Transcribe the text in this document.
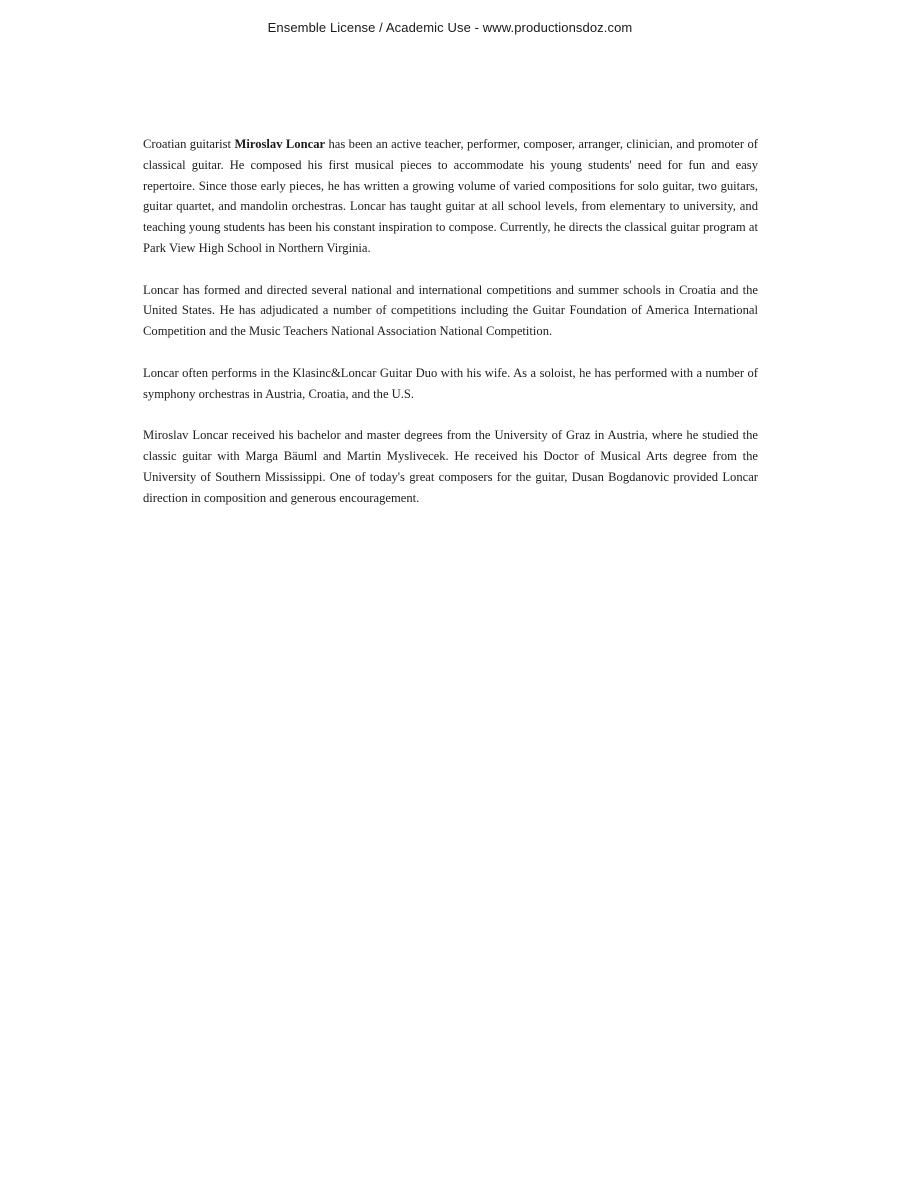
Ensemble License / Academic Use - www.productionsdoz.com

Croatian guitarist Miroslav Loncar has been an active teacher, performer, composer, arranger, clinician, and promoter of classical guitar. He composed his first musical pieces to accommodate his young students' need for fun and easy repertoire. Since those early pieces, he has written a growing volume of varied compositions for solo guitar, two guitars, guitar quartet, and mandolin orchestras. Loncar has taught guitar at all school levels, from elementary to university, and teaching young students has been his constant inspiration to compose. Currently, he directs the classical guitar program at Park View High School in Northern Virginia.

Loncar has formed and directed several national and international competitions and summer schools in Croatia and the United States. He has adjudicated a number of competitions including the Guitar Foundation of America International Competition and the Music Teachers National Association National Competition.

Loncar often performs in the Klasinc&Loncar Guitar Duo with his wife. As a soloist, he has performed with a number of symphony orchestras in Austria, Croatia, and the U.S.

Miroslav Loncar received his bachelor and master degrees from the University of Graz in Austria, where he studied the classic guitar with Marga Bäuml and Martin Myslivecek. He received his Doctor of Musical Arts degree from the University of Southern Mississippi. One of today's great composers for the guitar, Dusan Bogdanovic provided Loncar direction in composition and generous encouragement.
